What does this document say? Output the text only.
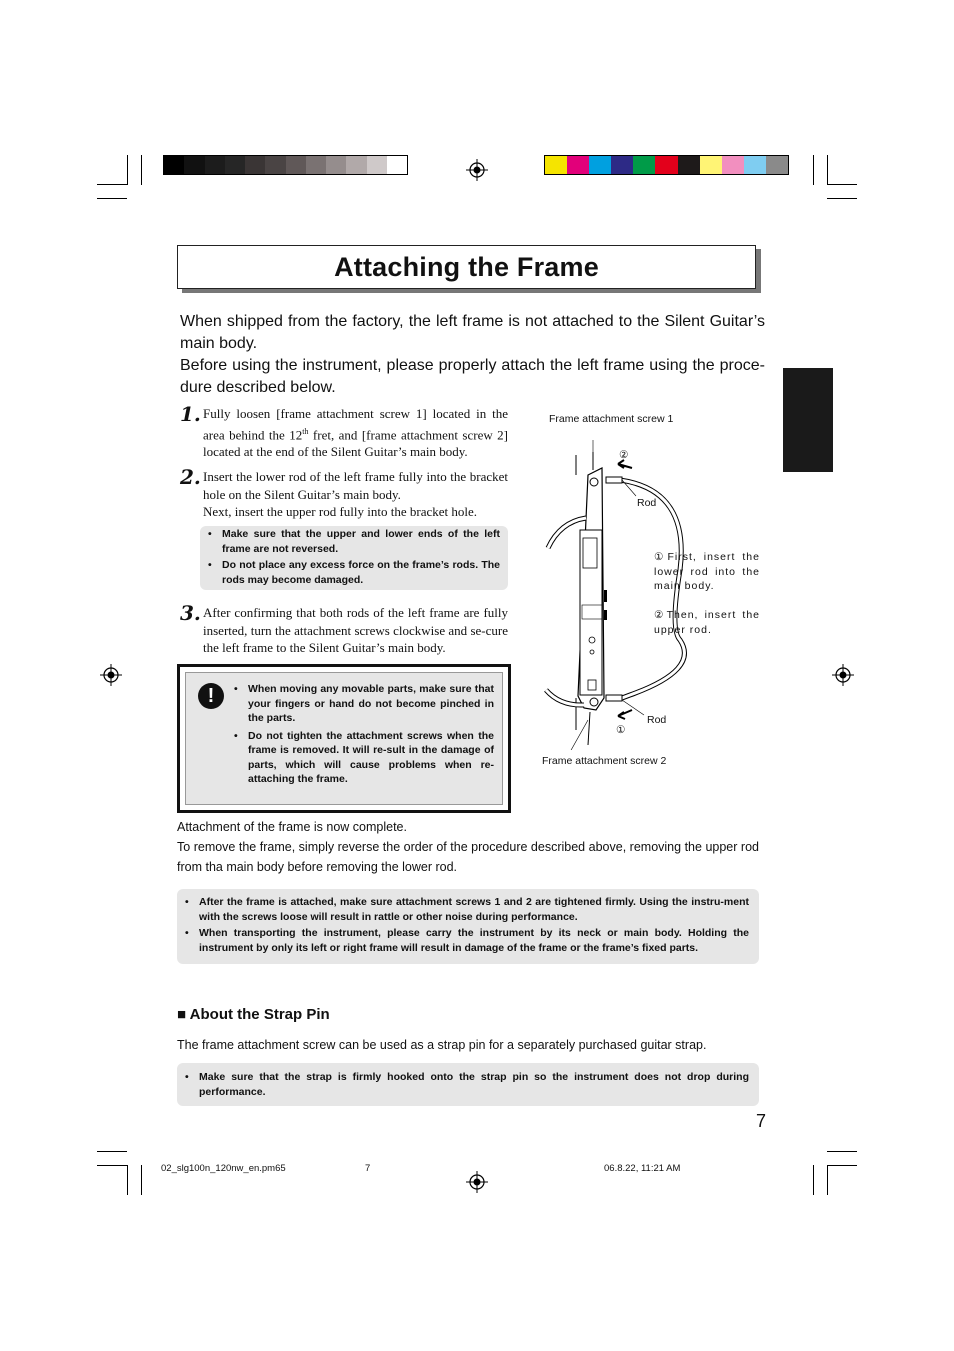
Attaching the Frame
When shipped from the factory, the left frame is not attached to the Silent Guitar’s main body.
Before using the instrument, please properly attach the left frame using the proce-dure described below.
1. Fully loosen [frame attachment screw 1] located in the area behind the 12th fret, and [frame attachment screw 2] located at the end of the Silent Guitar’s main body.
2. Insert the lower rod of the left frame fully into the bracket hole on the Silent Guitar’s main body.
Next, insert the upper rod fully into the bracket hole.
• Make sure that the upper and lower ends of the left frame are not reversed.
• Do not place any excess force on the frame’s rods. The rods may become damaged.
3. After confirming that both rods of the left frame are fully inserted, turn the attachment screws clockwise and se-cure the left frame to the Silent Guitar’s main body.
!
•	When moving any movable parts, make sure that your fingers or hand do not become pinched in the parts.
• Do not tighten the attachment screws when the frame is removed. It will re-sult in the damage of parts, which will cause problems when re-attaching the frame.
Frame attachment screw 1
②
Rod
①First, insert the lower rod into the main body.
②Then, insert the upper rod.
Rod
①
Frame attachment screw 2
Attachment of the frame is now complete.
To remove the frame, simply reverse the order of the procedure described above, removing the upper rod from tha main body before removing the lower rod.
• After the frame is attached, make sure attachment screws 1 and 2 are tightened firmly. Using the instru-ment with the screws loose will result in rattle or other noise during performance.
• When transporting the instrument, please carry the instrument by its neck or main body. Holding the instrument by only its left or right frame will result in damage of the frame or the frame’s fixed parts.
■ About the Strap Pin
The frame attachment screw can be used as a strap pin for a separately purchased guitar strap.
• Make sure that the strap is firmly hooked onto the strap pin so the instrument does not drop during performance.
7
02_slg100n_120nw_en.pm65	7	06.8.22, 11:21 AM
